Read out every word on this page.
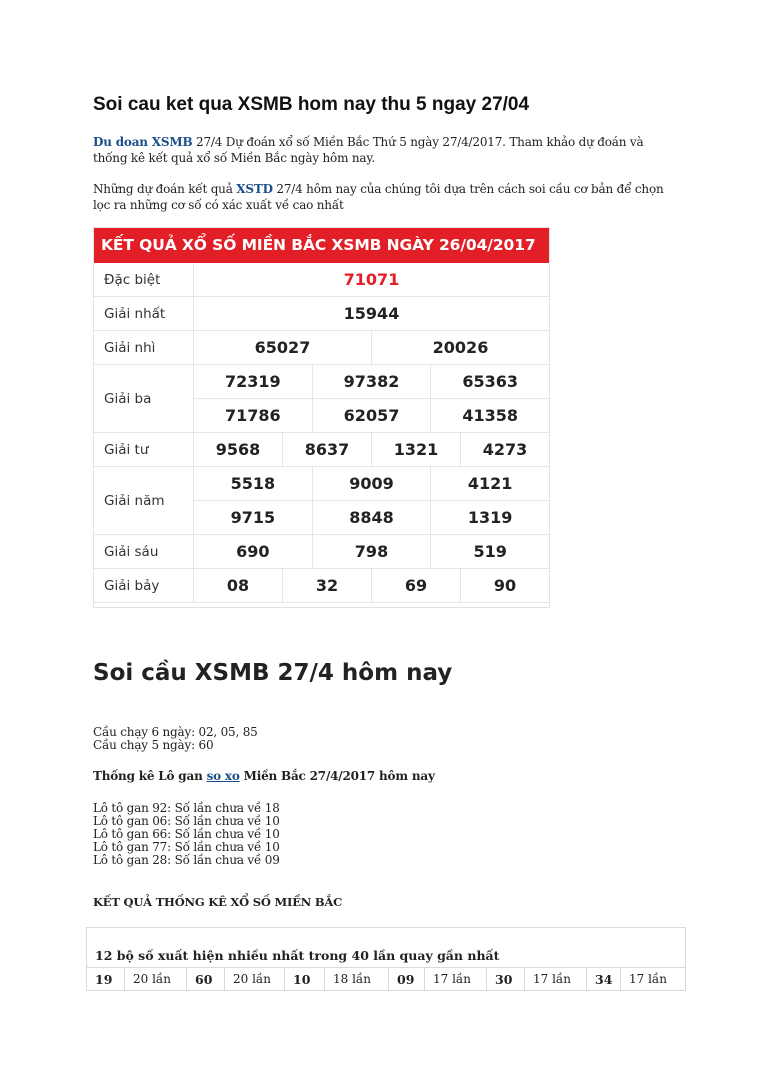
Soi cau ket qua XSMB hom nay thu 5 ngay 27/04

Du doan XSMB 27/4 Dự đoán xổ số Miền Bắc Thứ 5 ngày 27/4/2017. Tham khảo dự đoán và
thống kê kết quả xổ số Miền Bắc ngày hôm nay.

Những dự đoán kết quả XSTD 27/4 hôm nay của chúng tôi dựa trên cách soi cầu cơ bản để chọn
lọc ra những cơ số có xác xuất về cao nhất

KẾT QUẢ XỔ SỐ MIỀN BẮC XSMB NGÀY 26/04/2017
Đặc biệt	71071
Giải nhất	15944
Giải nhì	65027	20026
Giải ba
72319	97382	65363
71786	62057	41358
Giải tư	9568	8637	1321	4273
Giải năm
5518	9009	4121
9715	8848	1319
Giải sáu	690	798	519
Giải bảy	08	32	69	90
Soi cầu XSMB 27/4 hôm nay

Cầu chạy 6 ngày: 02, 05, 85
Cầu chạy 5 ngày: 60

Thống kê Lô gan so xo Miền Bắc 27/4/2017 hôm nay

Lô tô gan 92: Số lần chưa về 18
Lô tô gan 06: Số lần chưa về 10
Lô tô gan 66: Số lần chưa về 10
Lô tô gan 77: Số lần chưa về 10
Lô tô gan 28: Số lần chưa về 09

KẾT QUẢ THỐNG KÊ XỔ SỐ MIỀN BẮC

12 bộ số xuất hiện nhiều nhất trong 40 lần quay gần nhất
19	20 lần	60	20 lần	10	18 lần	09	17 lần	30	17 lần	34	17 lần
